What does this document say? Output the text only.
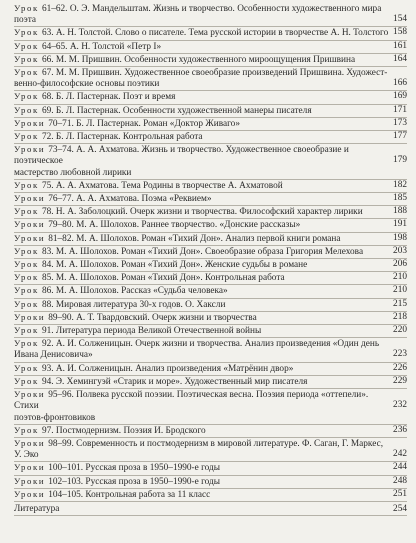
154
Урок 61–62. О. Э. Мандельштам. Жизнь и творчество. Особенности художественного мира
поэта
158
Урок 63. А. Н. Толстой. Слово о писателе. Тема русской истории в творчестве А. Н. Толстого
161
Урок 64–65. А. Н. Толстой «Петр I»
164
Урок 66. М. М. Пришвин. Особенности художественного мироощущения Пришвина
166
Урок 67. М. М. Пришвин. Художественное своеобразие произведений Пришвина. Художест-
венно-философские основы поэтики
169
Урок 68. Б. Л. Пастернак. Поэт и время
171
Урок 69. Б. Л. Пастернак. Особенности художественной манеры писателя
173
Уроки 70–71. Б. Л. Пастернак. Роман «Доктор Живаго»
177
Урок 72. Б. Л. Пастернак. Контрольная работа
179
Уроки 73–74. А. А. Ахматова. Жизнь и творчество. Художественное своеобразие и поэтическое
мастерство любовной лирики
182
Урок 75. А. А. Ахматова. Тема Родины в творчестве А. Ахматовой
185
Уроки 76–77. А. А. Ахматова. Поэма «Реквием»
188
Урок 78. Н. А. Заболоцкий. Очерк жизни и творчества. Философский характер лирики
191
Уроки 79–80. М. А. Шолохов. Раннее творчество. «Донские рассказы»
198
Уроки 81–82. М. А. Шолохов. Роман «Тихий Дон». Анализ первой книги романа
203
Урок 83. М. А. Шолохов. Роман «Тихий Дон». Своеобразие образа Григория Мелехова
206
Урок 84. М. А. Шолохов. Роман «Тихий Дон». Женские судьбы в романе
210
Урок 85. М. А. Шолохов. Роман «Тихий Дон». Контрольная работа
210
Урок 86. М. А. Шолохов. Рассказ «Судьба человека»
215
Урок 88. Мировая литература 30-х годов. О. Хаксли
218
Уроки 89–90. А. Т. Твардовский. Очерк жизни и творчества
220
Урок 91. Литература периода Великой Отечественной войны
223
Урок 92. А. И. Солженицын. Очерк жизни и творчества. Анализ произведения «Один день
Ивана Денисовича»
226
Урок 93. А. И. Солженицын. Анализ произведения «Матрёнин двор»
229
Урок 94. Э. Хемингуэй «Старик и море». Художественный мир писателя
232
Уроки 95–96. Полвека русской поэзии. Поэтическая весна. Поэзия периода «оттепели». Стихи
поэтов-фронтовиков
236
Урок 97. Постмодернизм. Поэзия И. Бродского
242
Уроки 98–99. Современность и постмодернизм в мировой литературе. Ф. Саган, Г. Маркес,
У. Эко
244
Уроки 100–101. Русская проза в 1950–1990-е годы
248
Уроки 102–103. Русская проза в 1950–1990-е годы
251
Уроки 104–105. Контрольная работа за 11 класс
254
Литература
